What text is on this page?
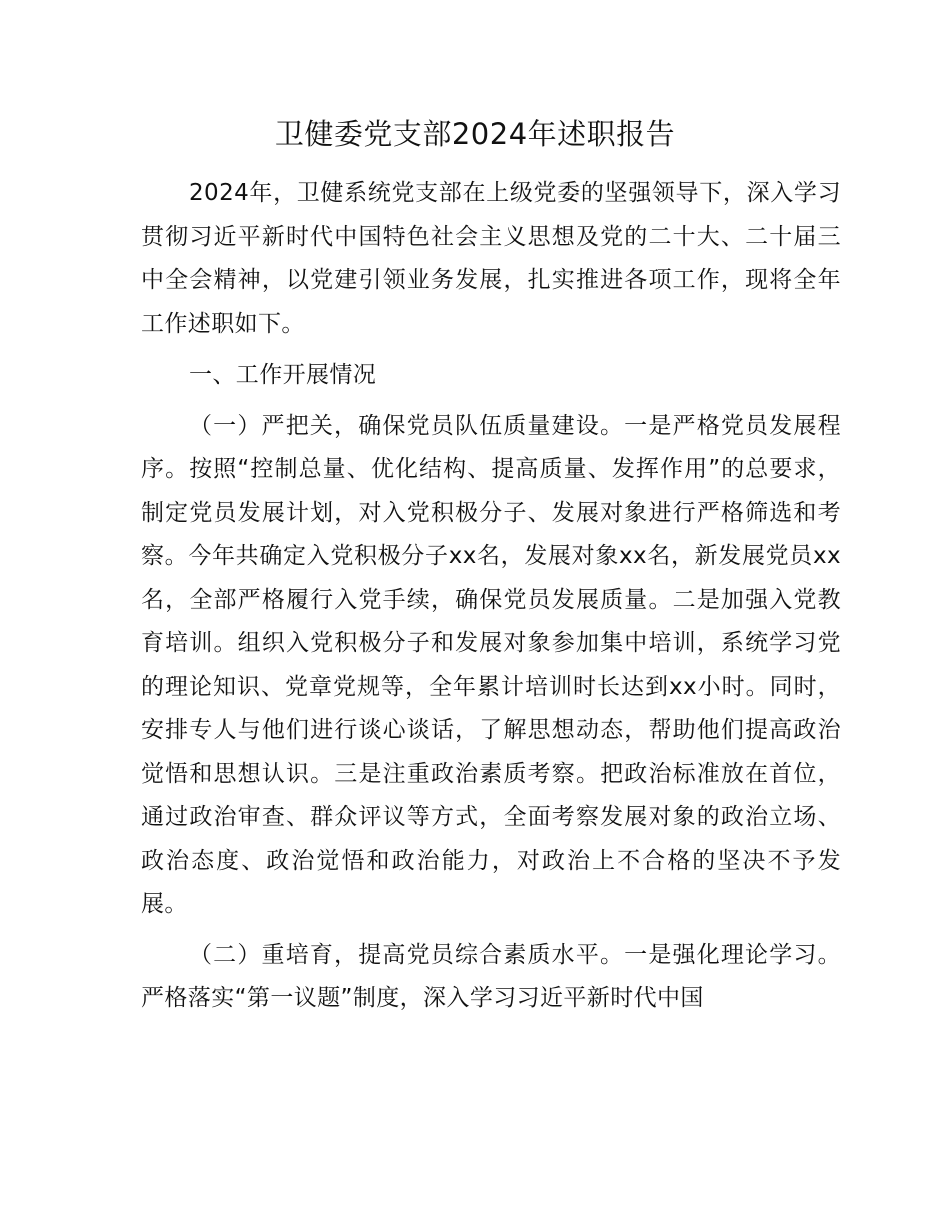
卫健委党支部2024年述职报告

2024年，卫健系统党支部在上级党委的坚强领导下，深入学习贯彻习近平新时代中国特色社会主义思想及党的二十大、二十届三中全会精神，以党建引领业务发展，扎实推进各项工作，现将全年工作述职如下。

一、工作开展情况

（一）严把关，确保党员队伍质量建设。一是严格党员发展程序。按照“控制总量、优化结构、提高质量、发挥作用”的总要求，制定党员发展计划，对入党积极分子、发展对象进行严格筛选和考察。今年共确定入党积极分子xx名，发展对象xx名，新发展党员xx名，全部严格履行入党手续，确保党员发展质量。二是加强入党教育培训。组织入党积极分子和发展对象参加集中培训，系统学习党的理论知识、党章党规等，全年累计培训时长达到xx小时。同时，安排专人与他们进行谈心谈话，了解思想动态，帮助他们提高政治觉悟和思想认识。三是注重政治素质考察。把政治标准放在首位，通过政治审查、群众评议等方式，全面考察发展对象的政治立场、政治态度、政治觉悟和政治能力，对政治上不合格的坚决不予发展。

（二）重培育，提高党员综合素质水平。一是强化理论学习。严格落实“第一议题”制度，深入学习习近平新时代中国
